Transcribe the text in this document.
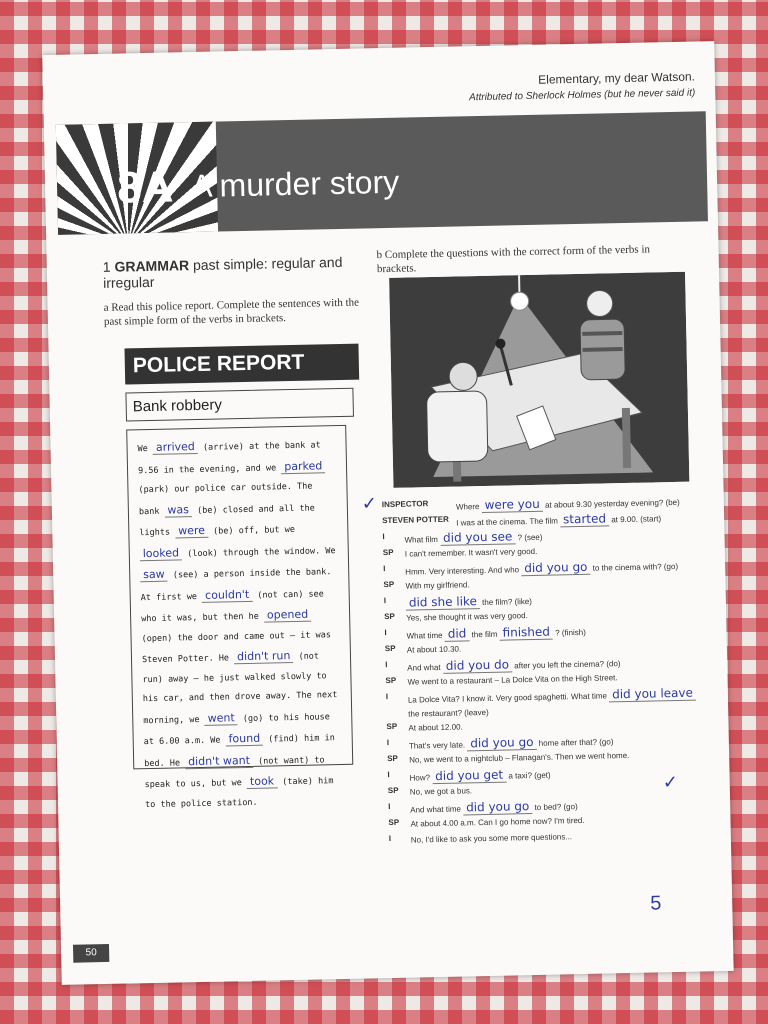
Elementary, my dear Watson.
Attributed to Sherlock Holmes (but he never said it)
8A A murder story
1 GRAMMAR past simple: regular and irregular
a Read this police report. Complete the sentences with the past simple form of the verbs in brackets.
POLICE REPORT
Bank robbery
We arrived (arrive) at the bank at 9.56 in the evening, and we parked (park) our police car outside. The bank was (be) closed and all the lights were (be) off, but we looked (look) through the window. We saw (see) a person inside the bank. At first we couldn't (not can) see who it was, but then he opened (open) the door and came out – it was Steven Potter. He didn't run (not run) away – he just walked slowly to his car, and then drove away. The next morning, we went (go) to his house at 6.00 a.m. We found (find) him in bed. He didn't want (not want) to speak to us, but we took (take) him to the police station.
b Complete the questions with the correct form of the verbs in brackets.
INSPECTOR	Where were you at about 9.30 yesterday evening? (be)
STEVEN POTTER I was at the cinema. The film started at 9.00. (start)
I	What film did you see ? (see)
SP	I can't remember. It wasn't very good.
I	Hmm. Very interesting. And who did you go to the cinema with? (go)
SP	With my girlfriend.
I	did she like the film? (like)
SP	Yes, she thought it was very good.
I	What time did the film finished ? (finish)
SP	At about 10.30.
I	And what did you do after you left the cinema? (do)
SP	We went to a restaurant – La Dolce Vita on the High Street.
I	La Dolce Vita? I know it. Very good spaghetti. What time did you leave the restaurant? (leave)
SP	At about 12.00.
I	That's very late. did you go home after that? (go)
SP	No, we went to a nightclub – Flanagan's. Then we went home.
I	How? did you get a taxi? (get)
SP	No, we got a bus.
I	And what time did you go to bed? (go)
SP	At about 4.00 a.m. Can I go home now? I'm tired.
I	No, I'd like to ask you some more questions...
✓
✓
5
50
